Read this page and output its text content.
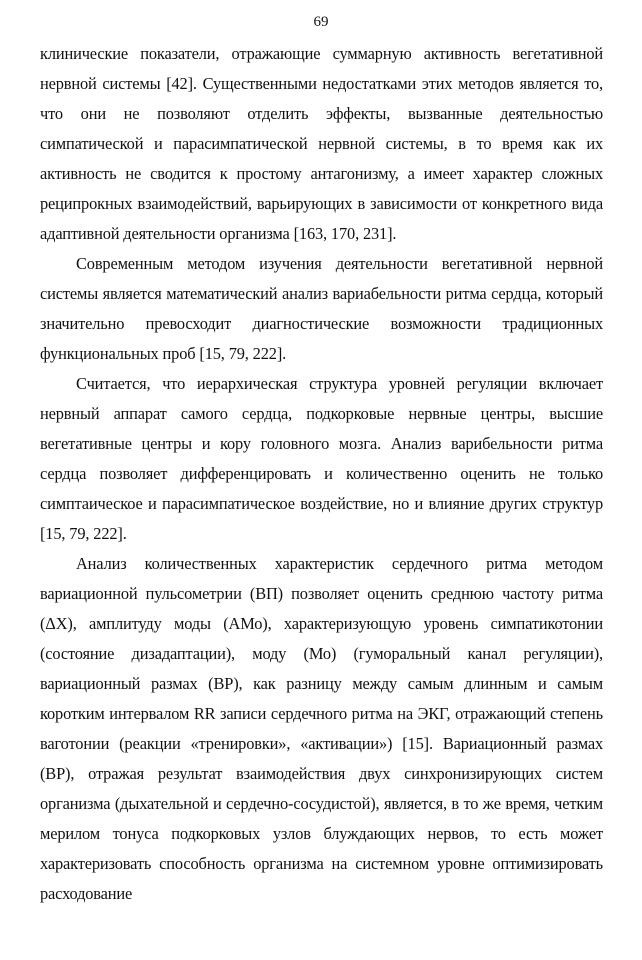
69

клинические показатели, отражающие суммарную активность вегетативной нервной системы [42]. Существенными недостатками этих методов является то, что они не позволяют отделить эффекты, вызванные деятельностью симпатической и парасимпатической нервной системы, в то время как их активность не сводится к простому антагонизму, а имеет характер сложных реципрокных взаимодействий, варьирующих в зависимости от конкретного вида адаптивной деятельности организма [163, 170, 231].

Современным методом изучения деятельности вегетативной нервной системы является математический анализ вариабельности ритма сердца, который значительно превосходит диагностические возможности традиционных функциональных проб [15, 79, 222].

Считается, что иерархическая структура уровней регуляции включает нервный аппарат самого сердца, подкорковые нервные центры, высшие вегетативные центры и кору головного мозга. Анализ варибельности ритма сердца позволяет дифференцировать и количественно оценить не только симптаическое и парасимпатическое воздействие, но и влияние других структур [15, 79, 222].

Анализ количественных характеристик сердечного ритма методом вариационной пульсометрии (ВП) позволяет оценить среднюю частоту ритма (ΔX), амплитуду моды (АМо), характеризующую уровень симпатикотонии (состояние дизадаптации), моду (Мо) (гуморальный канал регуляции), вариационный размах (ВР), как разницу между самым длинным и самым коротким интервалом RR записи сердечного ритма на ЭКГ, отражающий степень ваготонии (реакции «тренировки», «активации») [15]. Вариационный размах (ВР), отражая результат взаимодействия двух синхронизирующих систем организма (дыхательной и сердечно-сосудистой), является, в то же время, четким мерилом тонуса подкорковых узлов блуждающих нервов, то есть может характеризовать способность организма на системном уровне оптимизировать расходование
